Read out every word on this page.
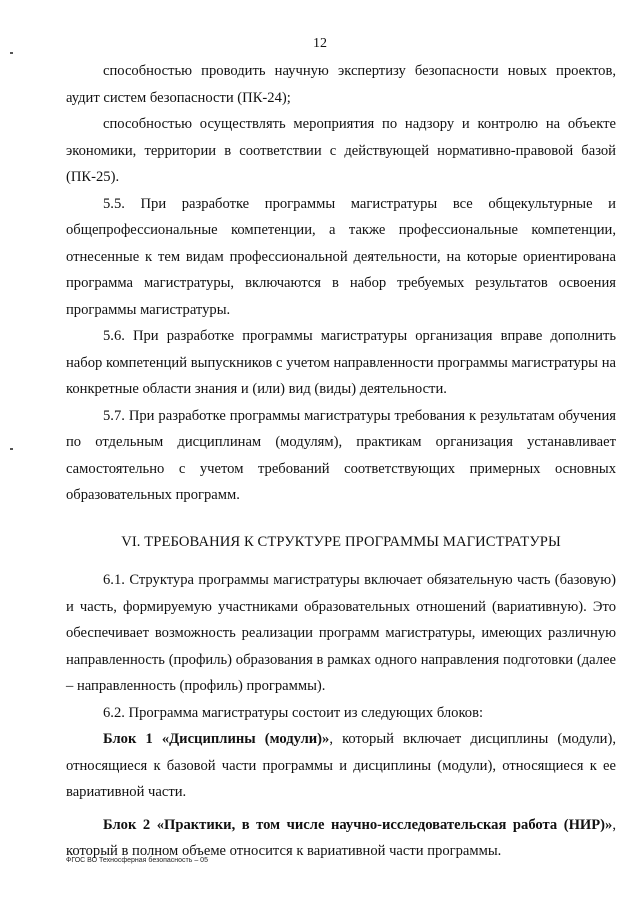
12

способностью проводить научную экспертизу безопасности новых проектов, аудит систем безопасности (ПК-24);

способностью осуществлять мероприятия по надзору и контролю на объекте экономики, территории в соответствии с действующей нормативно-правовой базой (ПК-25).

5.5. При разработке программы магистратуры все общекультурные и общепрофессиональные компетенции, а также профессиональные компетенции, отнесенные к тем видам профессиональной деятельности, на которые ориентирована программа магистратуры, включаются в набор требуемых результатов освоения программы магистратуры.

5.6. При разработке программы магистратуры организация вправе дополнить набор компетенций выпускников с учетом направленности программы магистратуры на конкретные области знания и (или) вид (виды) деятельности.

5.7. При разработке программы магистратуры требования к результатам обучения по отдельным дисциплинам (модулям), практикам организация устанавливает самостоятельно с учетом требований соответствующих примерных основных образовательных программ.

VI. ТРЕБОВАНИЯ К СТРУКТУРЕ ПРОГРАММЫ МАГИСТРАТУРЫ

6.1. Структура программы магистратуры включает обязательную часть (базовую) и часть, формируемую участниками образовательных отношений (вариативную). Это обеспечивает возможность реализации программ магистратуры, имеющих различную направленность (профиль) образования в рамках одного направления подготовки (далее – направленность (профиль) программы).

6.2. Программа магистратуры состоит из следующих блоков:

Блок 1 «Дисциплины (модули)», который включает дисциплины (модули), относящиеся к базовой части программы и дисциплины (модули), относящиеся к ее вариативной части.

Блок 2 «Практики, в том числе научно-исследовательская работа (НИР)», который в полном объеме относится к вариативной части программы.

ФГОС ВО Техносферная безопасность – 05
